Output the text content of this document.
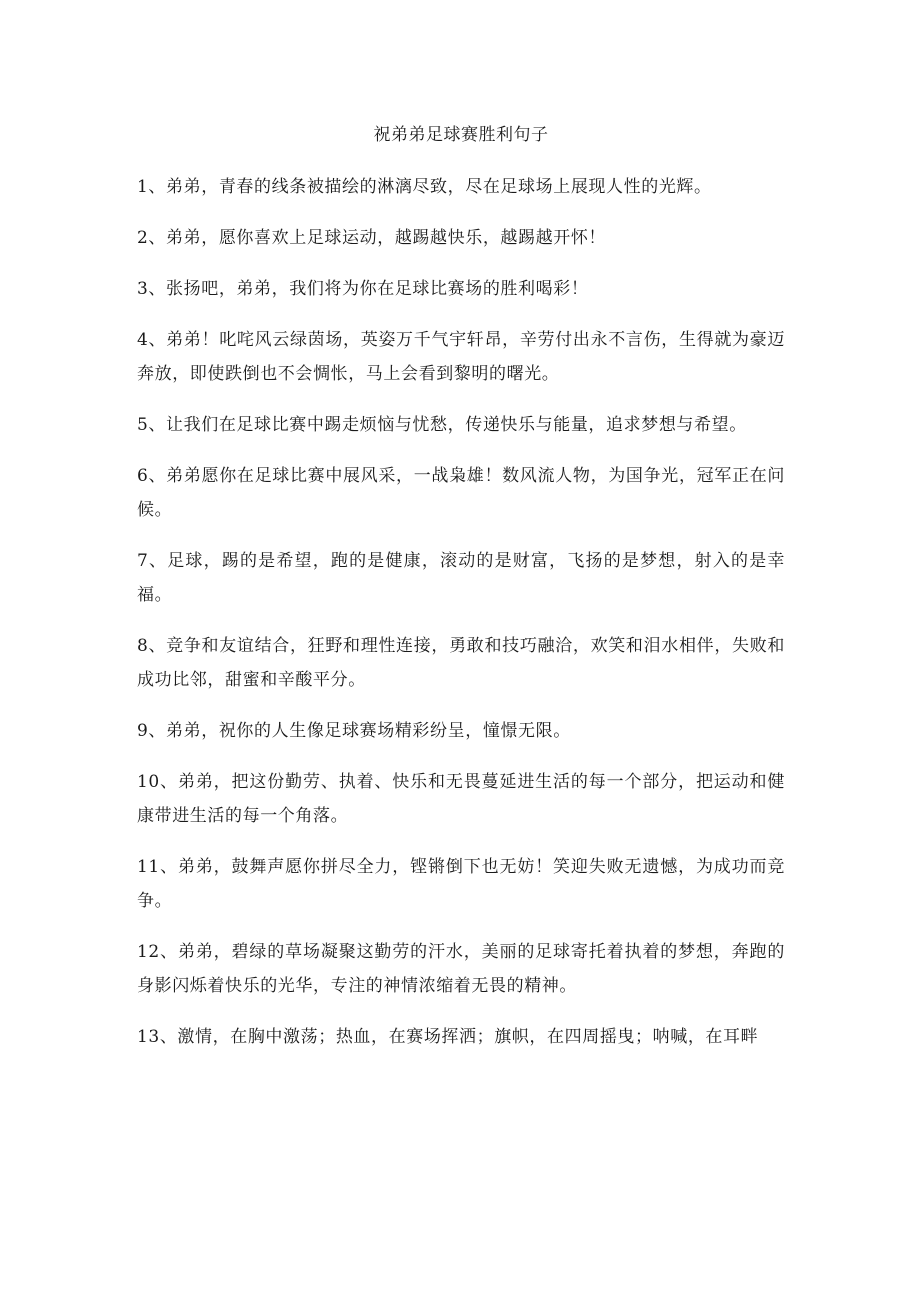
祝弟弟足球赛胜利句子

1、弟弟，青春的线条被描绘的淋漓尽致，尽在足球场上展现人性的光辉。

2、弟弟，愿你喜欢上足球运动，越踢越快乐，越踢越开怀！

3、张扬吧，弟弟，我们将为你在足球比赛场的胜利喝彩！

4、弟弟！叱咤风云绿茵场，英姿万千气宇轩昂，辛劳付出永不言伤，生得就为豪迈奔放，即使跌倒也不会惆怅，马上会看到黎明的曙光。

5、让我们在足球比赛中踢走烦恼与忧愁，传递快乐与能量，追求梦想与希望。

6、弟弟愿你在足球比赛中展风采，一战枭雄！数风流人物，为国争光，冠军正在问候。

7、足球，踢的是希望，跑的是健康，滚动的是财富，飞扬的是梦想，射入的是幸福。

8、竞争和友谊结合，狂野和理性连接，勇敢和技巧融洽，欢笑和泪水相伴，失败和成功比邻，甜蜜和辛酸平分。

9、弟弟，祝你的人生像足球赛场精彩纷呈，憧憬无限。

10、弟弟，把这份勤劳、执着、快乐和无畏蔓延进生活的每一个部分，把运动和健康带进生活的每一个角落。

11、弟弟，鼓舞声愿你拼尽全力，铿锵倒下也无妨！笑迎失败无遗憾，为成功而竞争。

12、弟弟，碧绿的草场凝聚这勤劳的汗水，美丽的足球寄托着执着的梦想，奔跑的身影闪烁着快乐的光华，专注的神情浓缩着无畏的精神。

13、激情，在胸中激荡；热血，在赛场挥洒；旗帜，在四周摇曳；呐喊，在耳畔
